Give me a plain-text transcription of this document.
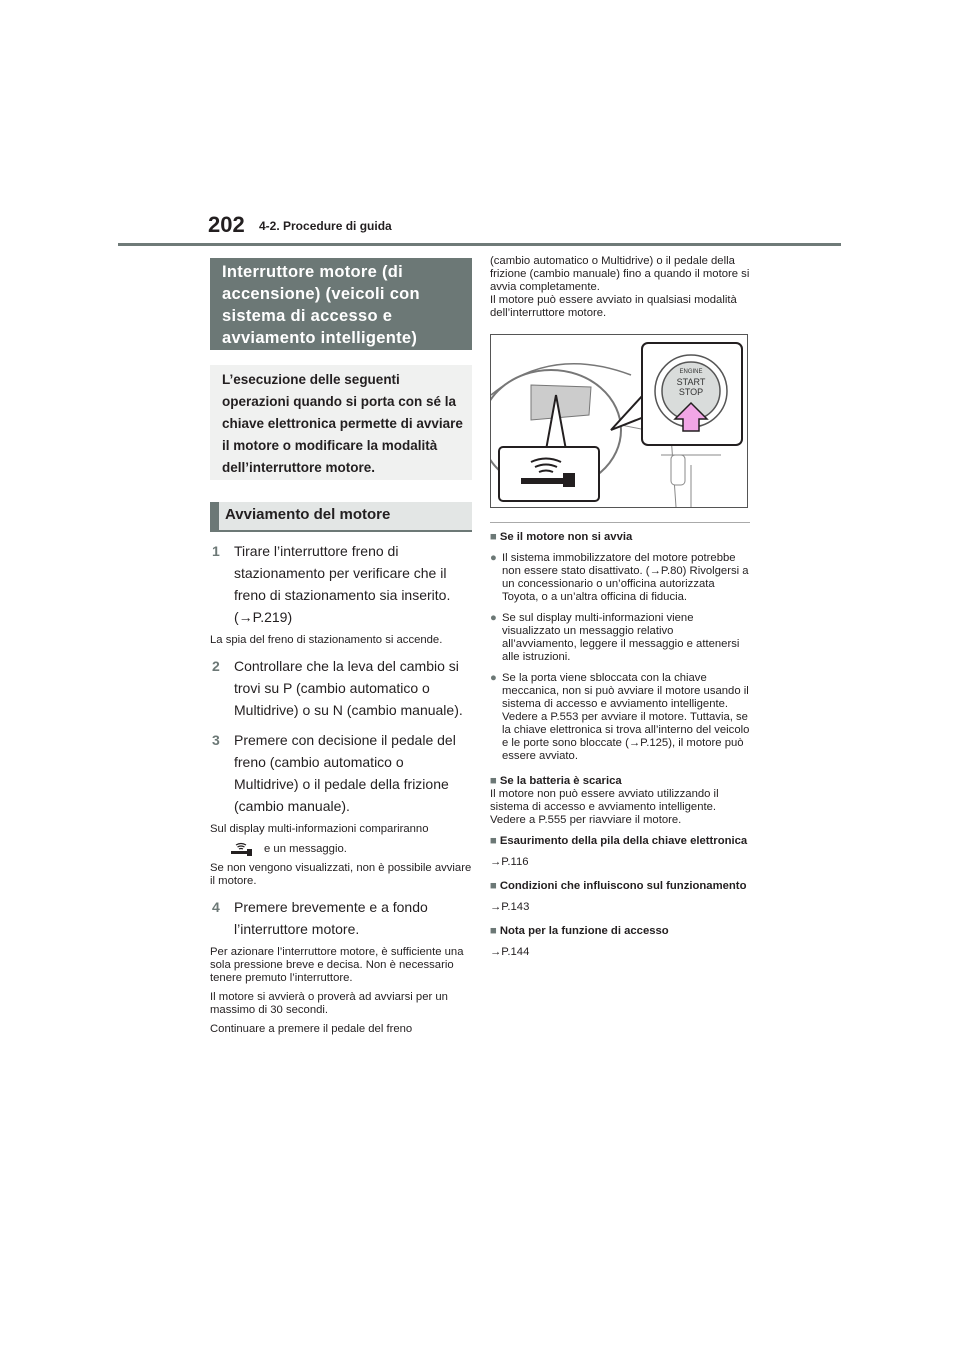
202 4-2. Procedure di guida
Interruttore motore (di accensione) (veicoli con sistema di accesso e avviamento intelligente)
L’esecuzione delle seguenti operazioni quando si porta con sé la chiave elettronica permette di avviare il motore o modificare la modalità dell’interruttore motore.
Avviamento del motore
1	Tirare l’interruttore freno di stazionamento per verificare che il freno di stazionamento sia inserito. (→P.219)
La spia del freno di stazionamento si accende.
2	Controllare che la leva del cambio si trovi su P (cambio automatico o Multidrive) o su N (cambio manuale).
3	Premere con decisione il pedale del freno (cambio automatico o Multidrive) o il pedale della frizione (cambio manuale).
Sul display multi-informazioni compariranno
e un messaggio.
Se non vengono visualizzati, non è possibile avviare il motore.
4	Premere brevemente e a fondo l’interruttore motore.
Per azionare l’interruttore motore, è sufficiente una sola pressione breve e decisa. Non è necessario tenere premuto l’interruttore.
Il motore si avvierà o proverà ad avviarsi per un massimo di 30 secondi.
Continuare a premere il pedale del freno

(cambio automatico o Multidrive) o il pedale della frizione (cambio manuale) fino a quando il motore si avvia completamente.

Il motore può essere avviato in qualsiasi modalità dell’interruttore motore.

ENGINE
START
STOP
■ Se il motore non si avvia
● Il sistema immobilizzatore del motore potrebbe non essere stato disattivato. (→P.80) Rivolgersi a un concessionario o un’officina autorizzata Toyota, o a un’altra officina di fiducia.
● Se sul display multi-informazioni viene visualizzato un messaggio relativo all’avviamento, leggere il messaggio e attenersi alle istruzioni.
● Se la porta viene sbloccata con la chiave meccanica, non si può avviare il motore usando il sistema di accesso e avviamento intelligente. Vedere a P.553 per avviare il motore. Tuttavia, se la chiave elettronica si trova all’interno del veicolo e le porte sono bloccate (→P.125), il motore può essere avviato.
■ Se la batteria è scarica
Il motore non può essere avviato utilizzando il sistema di accesso e avviamento intelligente. Vedere a P.555 per riavviare il motore.
■ Esaurimento della pila della chiave elettronica
→P.116
■ Condizioni che influiscono sul funzionamento
→P.143
■ Nota per la funzione di accesso
→P.144
